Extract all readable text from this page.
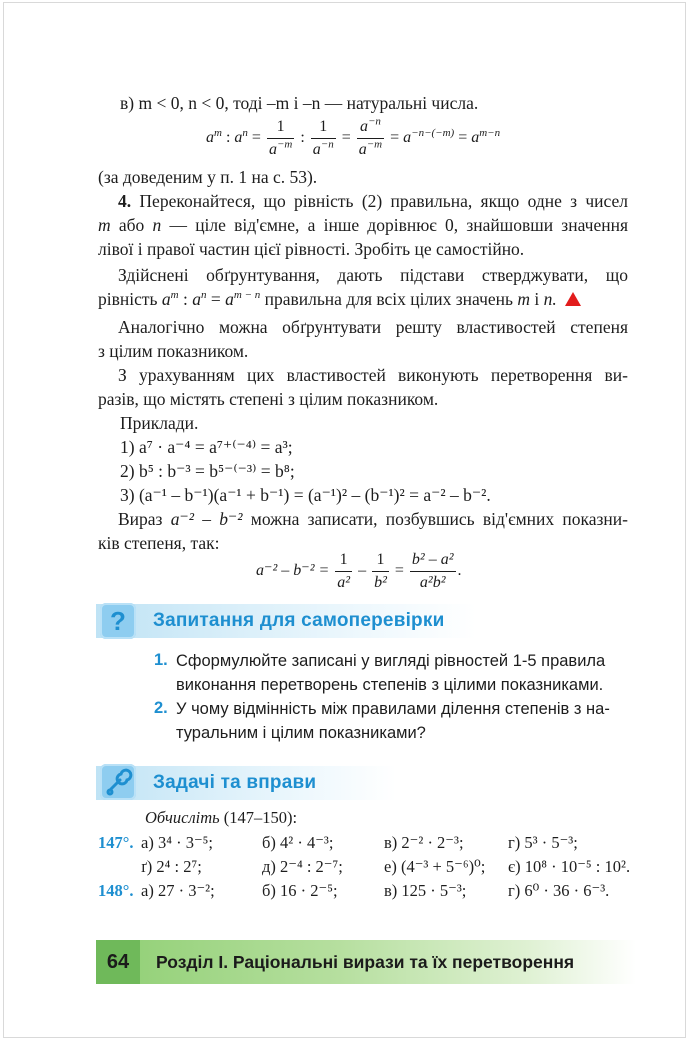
в) m < 0, n < 0, тоді –m і –n — натуральні числа.
$a^m$ : $a^n = \frac{1}{a^{-m}}$ : $\frac{1}{a^{-n}} = \frac{a^{-n}}{a^{-m}} = a^{-n-(-m)} = a^{m-n}$
(за доведеним у п. 1 на с. 53).
4. Переконайтеся, що рівність (2) правильна, якщо одне з чисел
m або n — ціле від'ємне, а інше дорівнює 0, знайшовши значення
лівої і правої частин цієї рівності. Зробіть це самостійно.
Здійснені обґрунтування, дають підстави стверджувати, що
рівність $a^m$ : $a^n = a^{m - n}$ правильна для всіх цілих значень m і n.
Аналогічно можна обґрунтувати решту властивостей степеня
з цілим показником.
З урахуванням цих властивостей виконують перетворення ви-
разів, що містять степені з цілим показником.
Приклади.
1) a⁷ · a⁻⁴ = a⁷⁺⁽⁻⁴⁾ = a³;
2) b⁵ : b⁻³ = b⁵⁻⁽⁻³⁾ = b⁸;
3) (a⁻¹ – b⁻¹)(a⁻¹ + b⁻¹) = (a⁻¹)² – (b⁻¹)² = a⁻² – b⁻².
Вираз a⁻² – b⁻² можна записати, позбувшись від'ємних показни-
ків степеня, так:
$a^{-2} - b^{-2} = \frac{1}{\text{a²}} - \frac{1}{\text{b²}} = \frac{\text{b² – a²}}{\text{a²b²}}$ .
?	Запитання для самоперевірки
1. Сформулюйте записані у вигляді рівностей 1-5 правила
виконання перетворень степенів з цілими показниками.
2. У чому відмінність між правилами ділення степенів з на-
туральним і цілим показниками?
Задачі та вправи
Обчисліть (147–150):
147°. а) 3⁴ · 3⁻⁵;	б) 4² · 4⁻³;	в) 2⁻² · 2⁻³;	г) 5³ · 5⁻³;
ґ) 2⁴ : 2⁷;	д) 2⁻⁴ : 2⁻⁷; е) (4⁻³ + 5⁻⁶)⁰; є) 10⁸ · 10⁻⁵ : 10².
148°. а) 27 · 3⁻²;	б) 16 · 2⁻⁵;	в) 125 · 5⁻³;	г) 6⁰ · 36 · 6⁻³.
64	Розділ І. Раціональні вирази та їх перетворення
